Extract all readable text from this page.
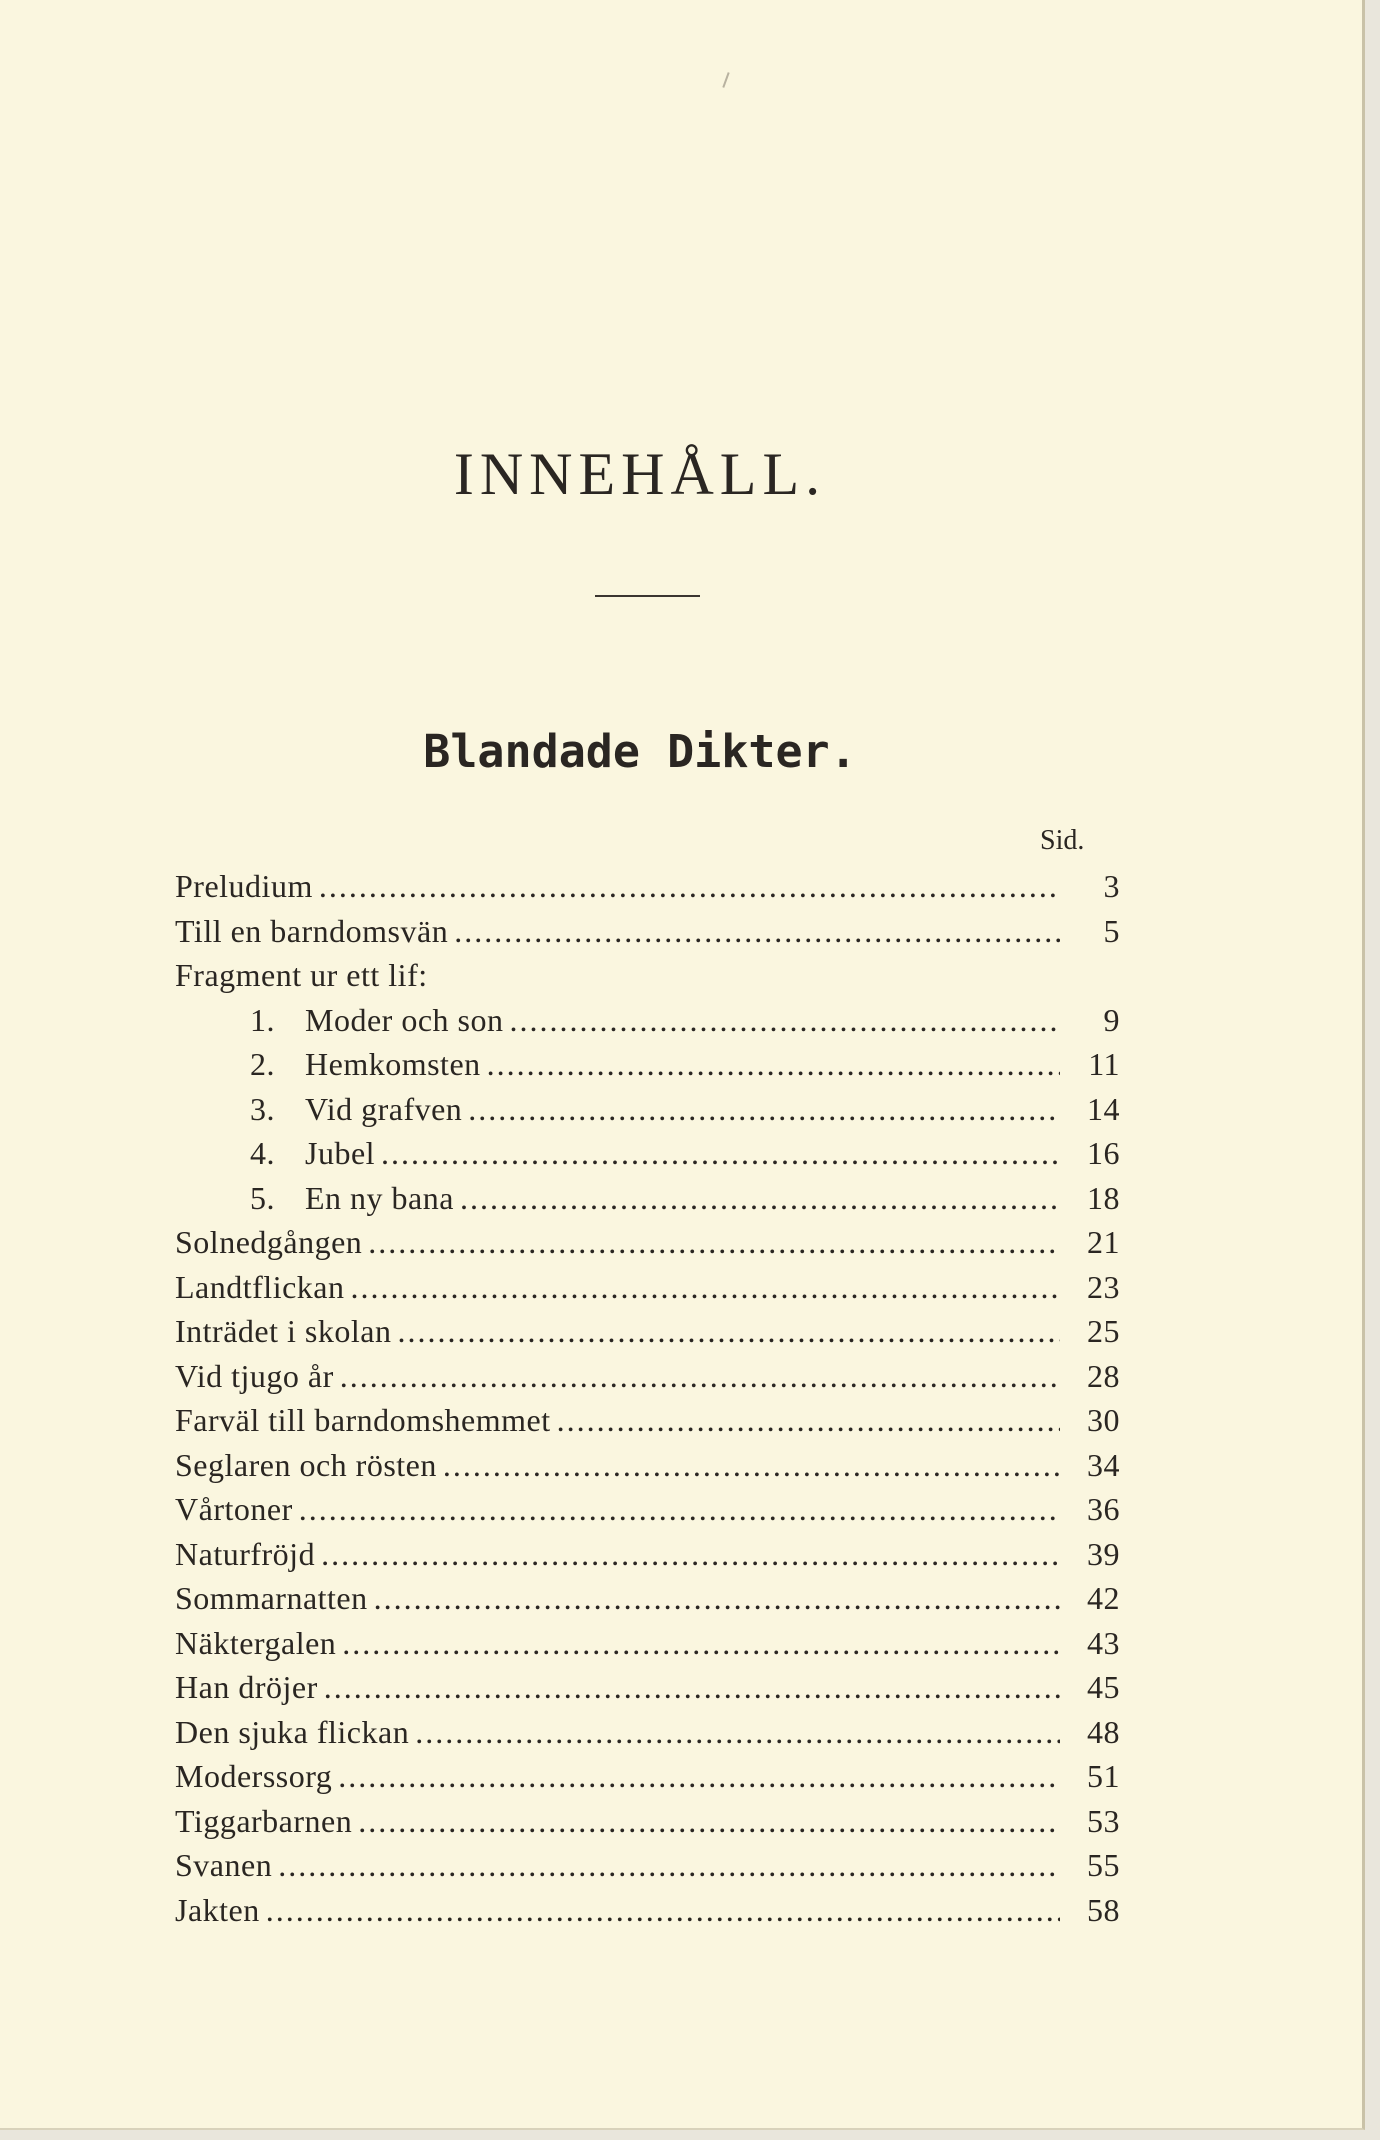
INNEHÅLL.
Blandade Dikter.
Sid.
Preludium .....	3
Till en barndomsvän .....	5
Fragment ur ett lif:
1. Moder och son .....	9
2. Hemkomsten .....	11
3. Vid grafven .....	14
4. Jubel .....	16
5. En ny bana .....	18
Solnedgången .....	21
Landtflickan .....	23
Inträdet i skolan .....	25
Vid tjugo år .....	28
Farväl till barndomshemmet .....	30
Seglaren och rösten .....	34
Vårtoner .....	36
Naturfröjd .....	39
Sommarnatten .....	42
Näktergalen .....	43
Han dröjer .....	45
Den sjuka flickan .....	48
Moderssorg .....	51
Tiggarbarnen .....	53
Svanen .....	55
Jakten .....	58
